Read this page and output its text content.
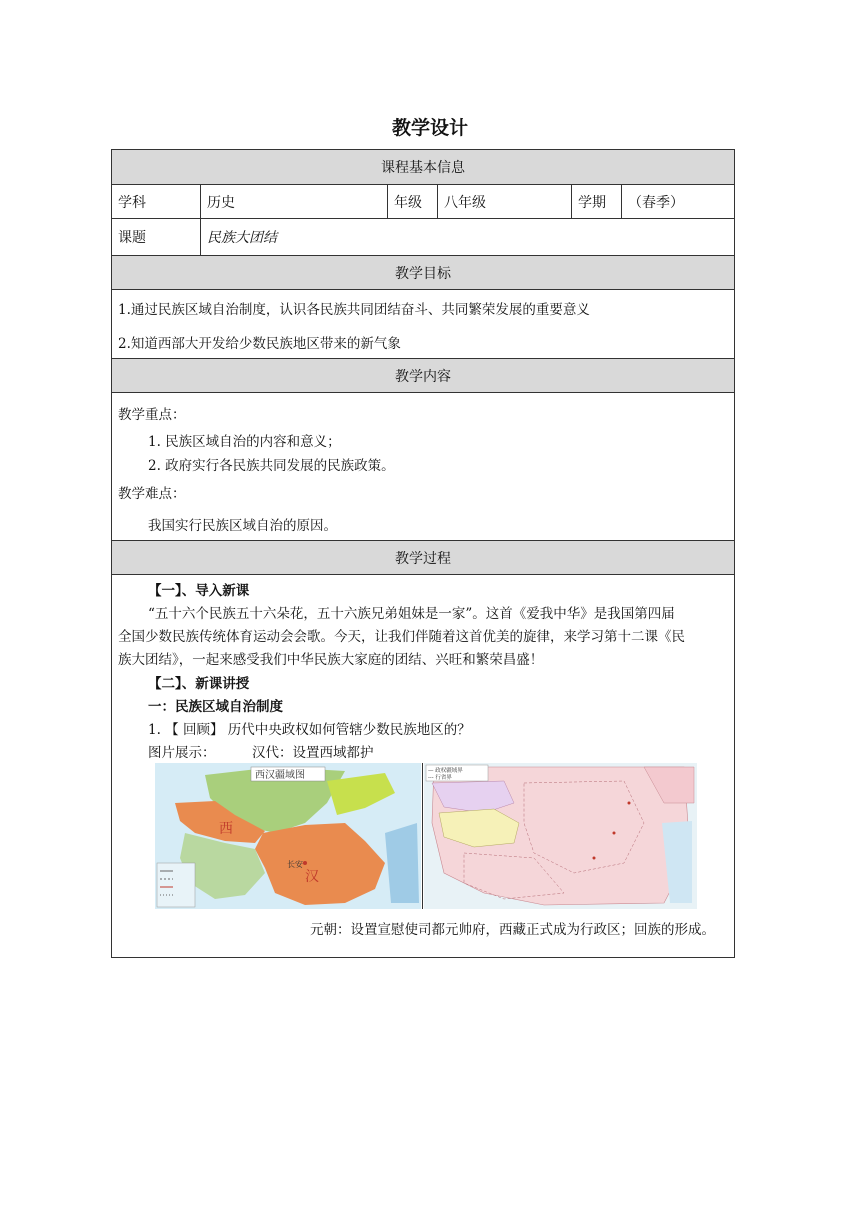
教学设计
课程基本信息
学科	历史	年级	八年级	学期	（春季）
课题	民族大团结
教学目标
1.通过民族区域自治制度，认识各民族共同团结奋斗、共同繁荣发展的重要意义
2.知道西部大开发给少数民族地区带来的新气象
教学内容
教学重点：
1. 民族区域自治的内容和意义；
2. 政府实行各民族共同发展的民族政策。
教学难点：
我国实行民族区域自治的原因。
教学过程
【一】、导入新课
“五十六个民族五十六朵花，五十六族兄弟姐妹是一家”。这首《爱我中华》是我国第四届
全国少数民族传统体育运动会会歌。今天，让我们伴随着这首优美的旋律，来学习第十二课《民
族大团结》，一起来感受我们中华民族大家庭的团结、兴旺和繁荣昌盛！
【二】、新课讲授
一：民族区域自治制度
1. 【 回顾】 历代中央政权如何管辖少数民族地区的？
图片展示：	汉代：设置西域都护
元朝：设置宣慰使司都元帅府，西藏正式成为行政区；回族的形成。
西汉疆域图
西
汉
长安
— 政权疆域界
--- 行省界
